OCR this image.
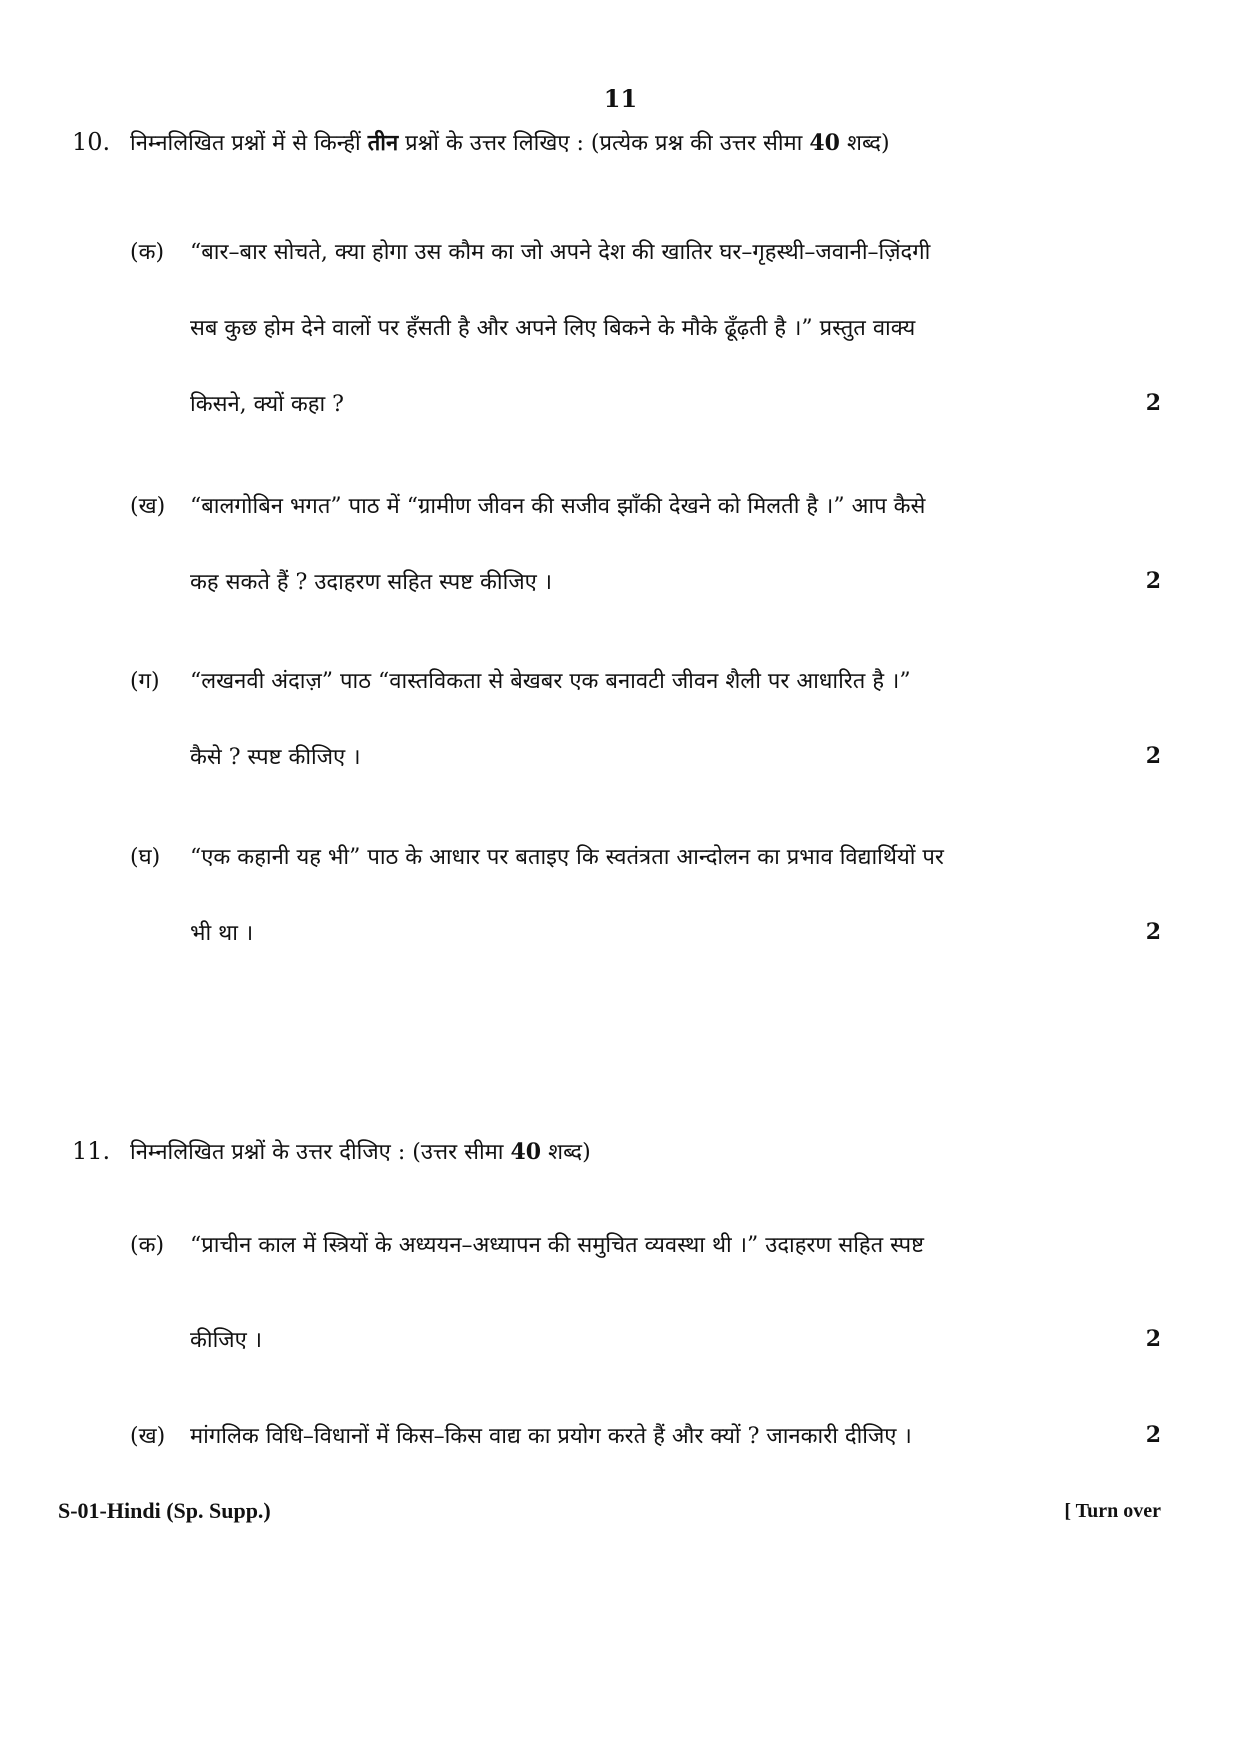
11
10. निम्नलिखित प्रश्नों में से किन्हीं तीन प्रश्नों के उत्तर लिखिए : (प्रत्येक प्रश्न की उत्तर सीमा 40 शब्द)
(क) “बार–बार सोचते, क्या होगा उस कौम का जो अपने देश की खातिर घर–गृहस्थी–जवानी–ज़िंदगी
सब कुछ होम देने वालों पर हँसती है और अपने लिए बिकने के मौके ढूँढ़ती है ।” प्रस्तुत वाक्य
किसने, क्यों कहा ?	2
(ख) “बालगोबिन भगत” पाठ में “ग्रामीण जीवन की सजीव झाँकी देखने को मिलती है ।” आप कैसे
कह सकते हैं ? उदाहरण सहित स्पष्ट कीजिए ।	2
(ग) “लखनवी अंदाज़” पाठ “वास्तविकता से बेखबर एक बनावटी जीवन शैली पर आधारित है ।”
कैसे ? स्पष्ट कीजिए ।	2
(घ) “एक कहानी यह भी” पाठ के आधार पर बताइए कि स्वतंत्रता आन्दोलन का प्रभाव विद्यार्थियों पर
भी था ।	2
11. निम्नलिखित प्रश्नों के उत्तर दीजिए : (उत्तर सीमा 40 शब्द)
(क) “प्राचीन काल में स्त्रियों के अध्ययन–अध्यापन की समुचित व्यवस्था थी ।” उदाहरण सहित स्पष्ट
कीजिए ।	2
(ख) मांगलिक विधि–विधानों में किस–किस वाद्य का प्रयोग करते हैं और क्यों ? जानकारी दीजिए ।	2
S-01-Hindi (Sp. Supp.)	[ Turn over
